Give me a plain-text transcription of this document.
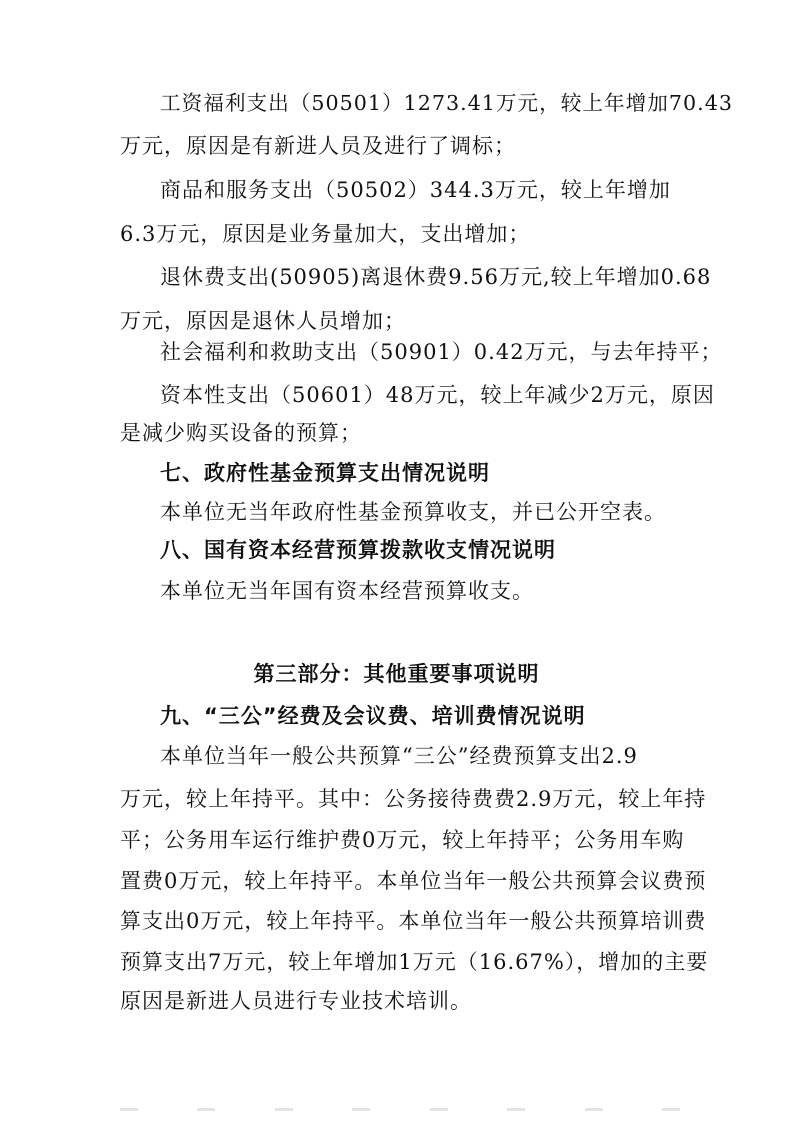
工资福利支出（50501）1273.41万元，较上年增加70.43
万元，原因是有新进人员及进行了调标；
商品和服务支出（50502）344.3万元，较上年增加
6.3万元，原因是业务量加大，支出增加；
退休费支出(50905)离退休费9.56万元,较上年增加0.68
万元，原因是退休人员增加；
社会福利和救助支出（50901）0.42万元，与去年持平；
资本性支出（50601）48万元，较上年减少2万元，原因
是减少购买设备的预算；
七、政府性基金预算支出情况说明
本单位无当年政府性基金预算收支，并已公开空表。
八、国有资本经营预算拨款收支情况说明
本单位无当年国有资本经营预算收支。
第三部分：其他重要事项说明
九、“三公”经费及会议费、培训费情况说明
本单位当年一般公共预算“三公”经费预算支出2.9
万元，较上年持平。其中：公务接待费费2.9万元，较上年持
平；公务用车运行维护费0万元，较上年持平；公务用车购
置费0万元，较上年持平。本单位当年一般公共预算会议费预
算支出0万元，较上年持平。本单位当年一般公共预算培训费
预算支出7万元，较上年增加1万元（16.67%），增加的主要
原因是新进人员进行专业技术培训。
